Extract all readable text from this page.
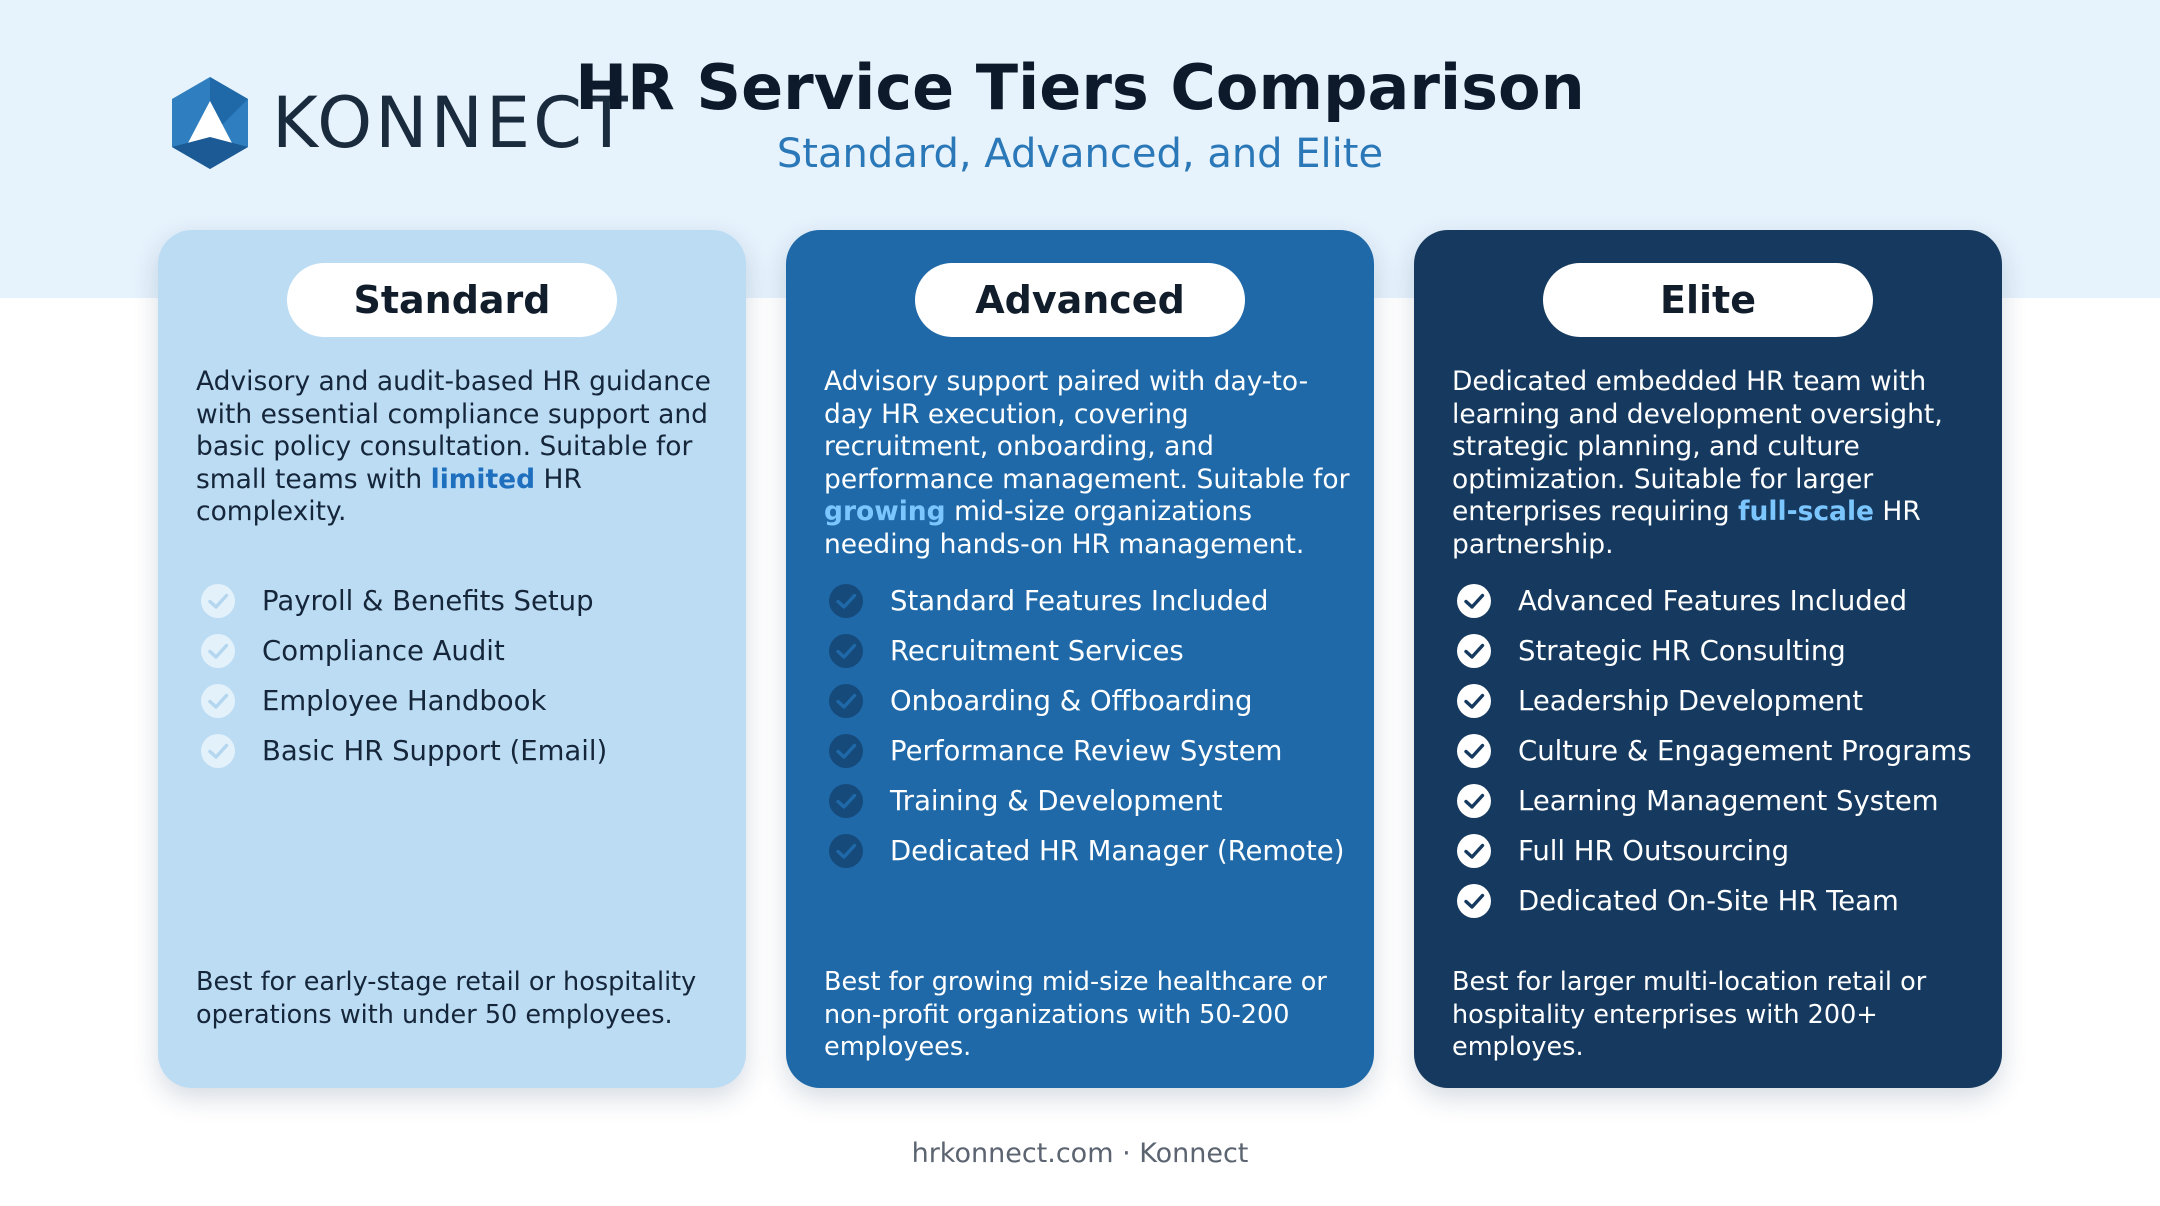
KONNECT
HR Service Tiers Comparison
Standard, Advanced, and Elite
Standard

Advisory and audit-based HR guidance with essential compliance support and basic policy consultation. Suitable for small teams with limited HR complexity.

Payroll & Benefits Setup
Compliance Audit
Employee Handbook
Basic HR Support (Email)

Best for early-stage retail or hospitality operations with under 50 employees.

Advanced

Advisory support paired with day-to-day HR execution, covering recruitment, onboarding, and performance management. Suitable for growing mid-size organizations needing hands-on HR management.

Standard Features Included
Recruitment Services
Onboarding & Offboarding
Performance Review System
Training & Development
Dedicated HR Manager (Remote)

Best for growing mid-size healthcare or non-profit organizations with 50-200 employees.

Elite

Dedicated embedded HR team with learning and development oversight, strategic planning, and culture optimization. Suitable for larger enterprises requiring full-scale HR partnership.

Advanced Features Included
Strategic HR Consulting
Leadership Development
Culture & Engagement Programs
Learning Management System
Full HR Outsourcing
Dedicated On-Site HR Team

Best for larger multi-location retail or hospitality enterprises with 200+ employes.

hrkonnect.com · Konnect
